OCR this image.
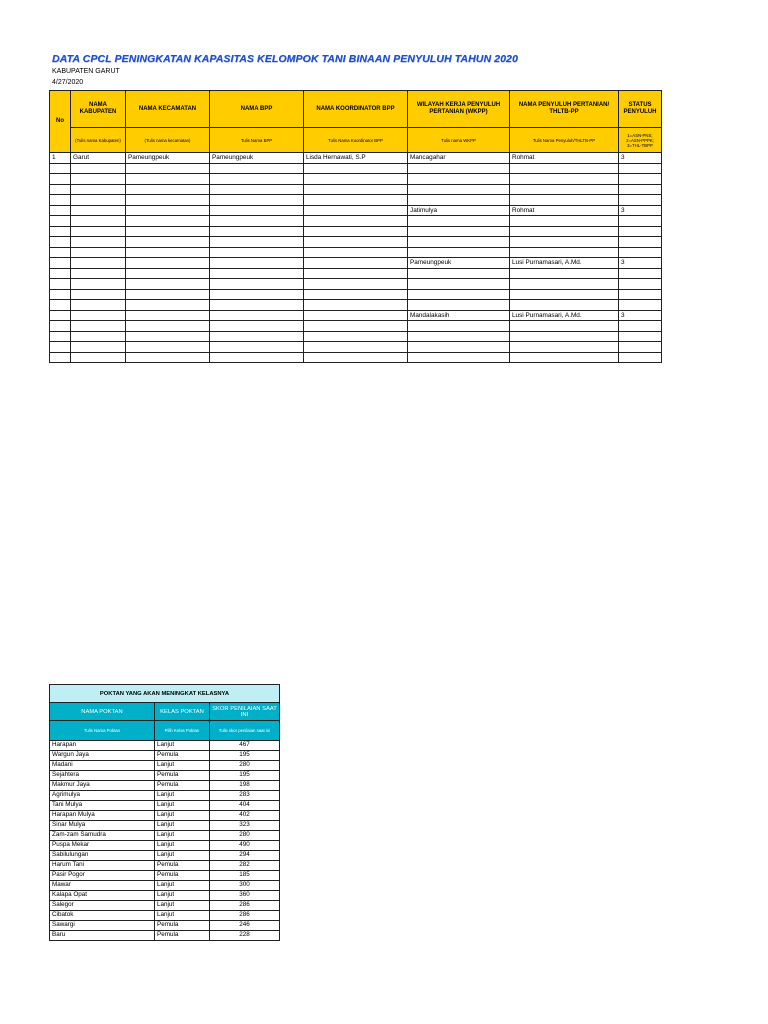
DATA CPCL PENINGKATAN KAPASITAS KELOMPOK TANI BINAAN PENYULUH TAHUN 2020
KABUPATEN GARUT
4/27/2020
No	NAMA KABUPATEN	NAMA KECAMATAN	NAMA BPP	NAMA KOORDINATOR BPP	WILAYAH KERJA PENYULUH PERTANIAN (WKPP)	NAMA PENYULUH PERTANIAN/ THLTB-PP	STATUS PENYULUH
	(Tulis nama Kabupaten)	(Tulis nama kecamatan)	Tulis Nama BPP	Tulis Nama Koordinator BPP	Tulis nama WKPP	Tulis Nama Penyuluh/THLTB-PP	1=ASN-PNS; 2=ASN-PPPK; 3=THL-TBPP
1	Garut	Pameungpeuk	Pameungpeuk	Lisda Hernawati, S.P	Mancagahar	Rohmat	3

					Jatimulya	Rohmat	3

					Pameungpeuk	Lusi Purnamasari, A.Md.	3

					Mandalakasih	Lusi Purnamasari, A.Md.	3

POKTAN YANG AKAN MENINGKAT KELASNYA		
NAMA POKTAN	KELAS POKTAN	SKOR PENILAIAN SAAT INI
Tulis Nama Poktan	Pilih Kelas Poktan	Tulis skor penilaian saat ini
Harapan	Lanjut	467
Wargun Jaya	Pemula	195
Madani	Lanjut	280
Sejahtera	Pemula	195
Makmur Jaya	Pemula	198
Agrimulya	Lanjut	283
Tani Mulya	Lanjut	404
Harapan Mulya	Lanjut	402
Sinar Mulya	Lanjut	323
Zam-zam Samudra	Lanjut	280
Puspa Mekar	Lanjut	490
Sabilulungan	Lanjut	294
Harum Tani	Pemula	282
Pasir Pogor	Pemula	185
Mawar	Lanjut	300
Kalapa Opat	Lanjut	360
Salegor	Lanjut	286
Cibatok	Lanjut	286
Sawargi	Pemula	246
Baru	Pemula	228
